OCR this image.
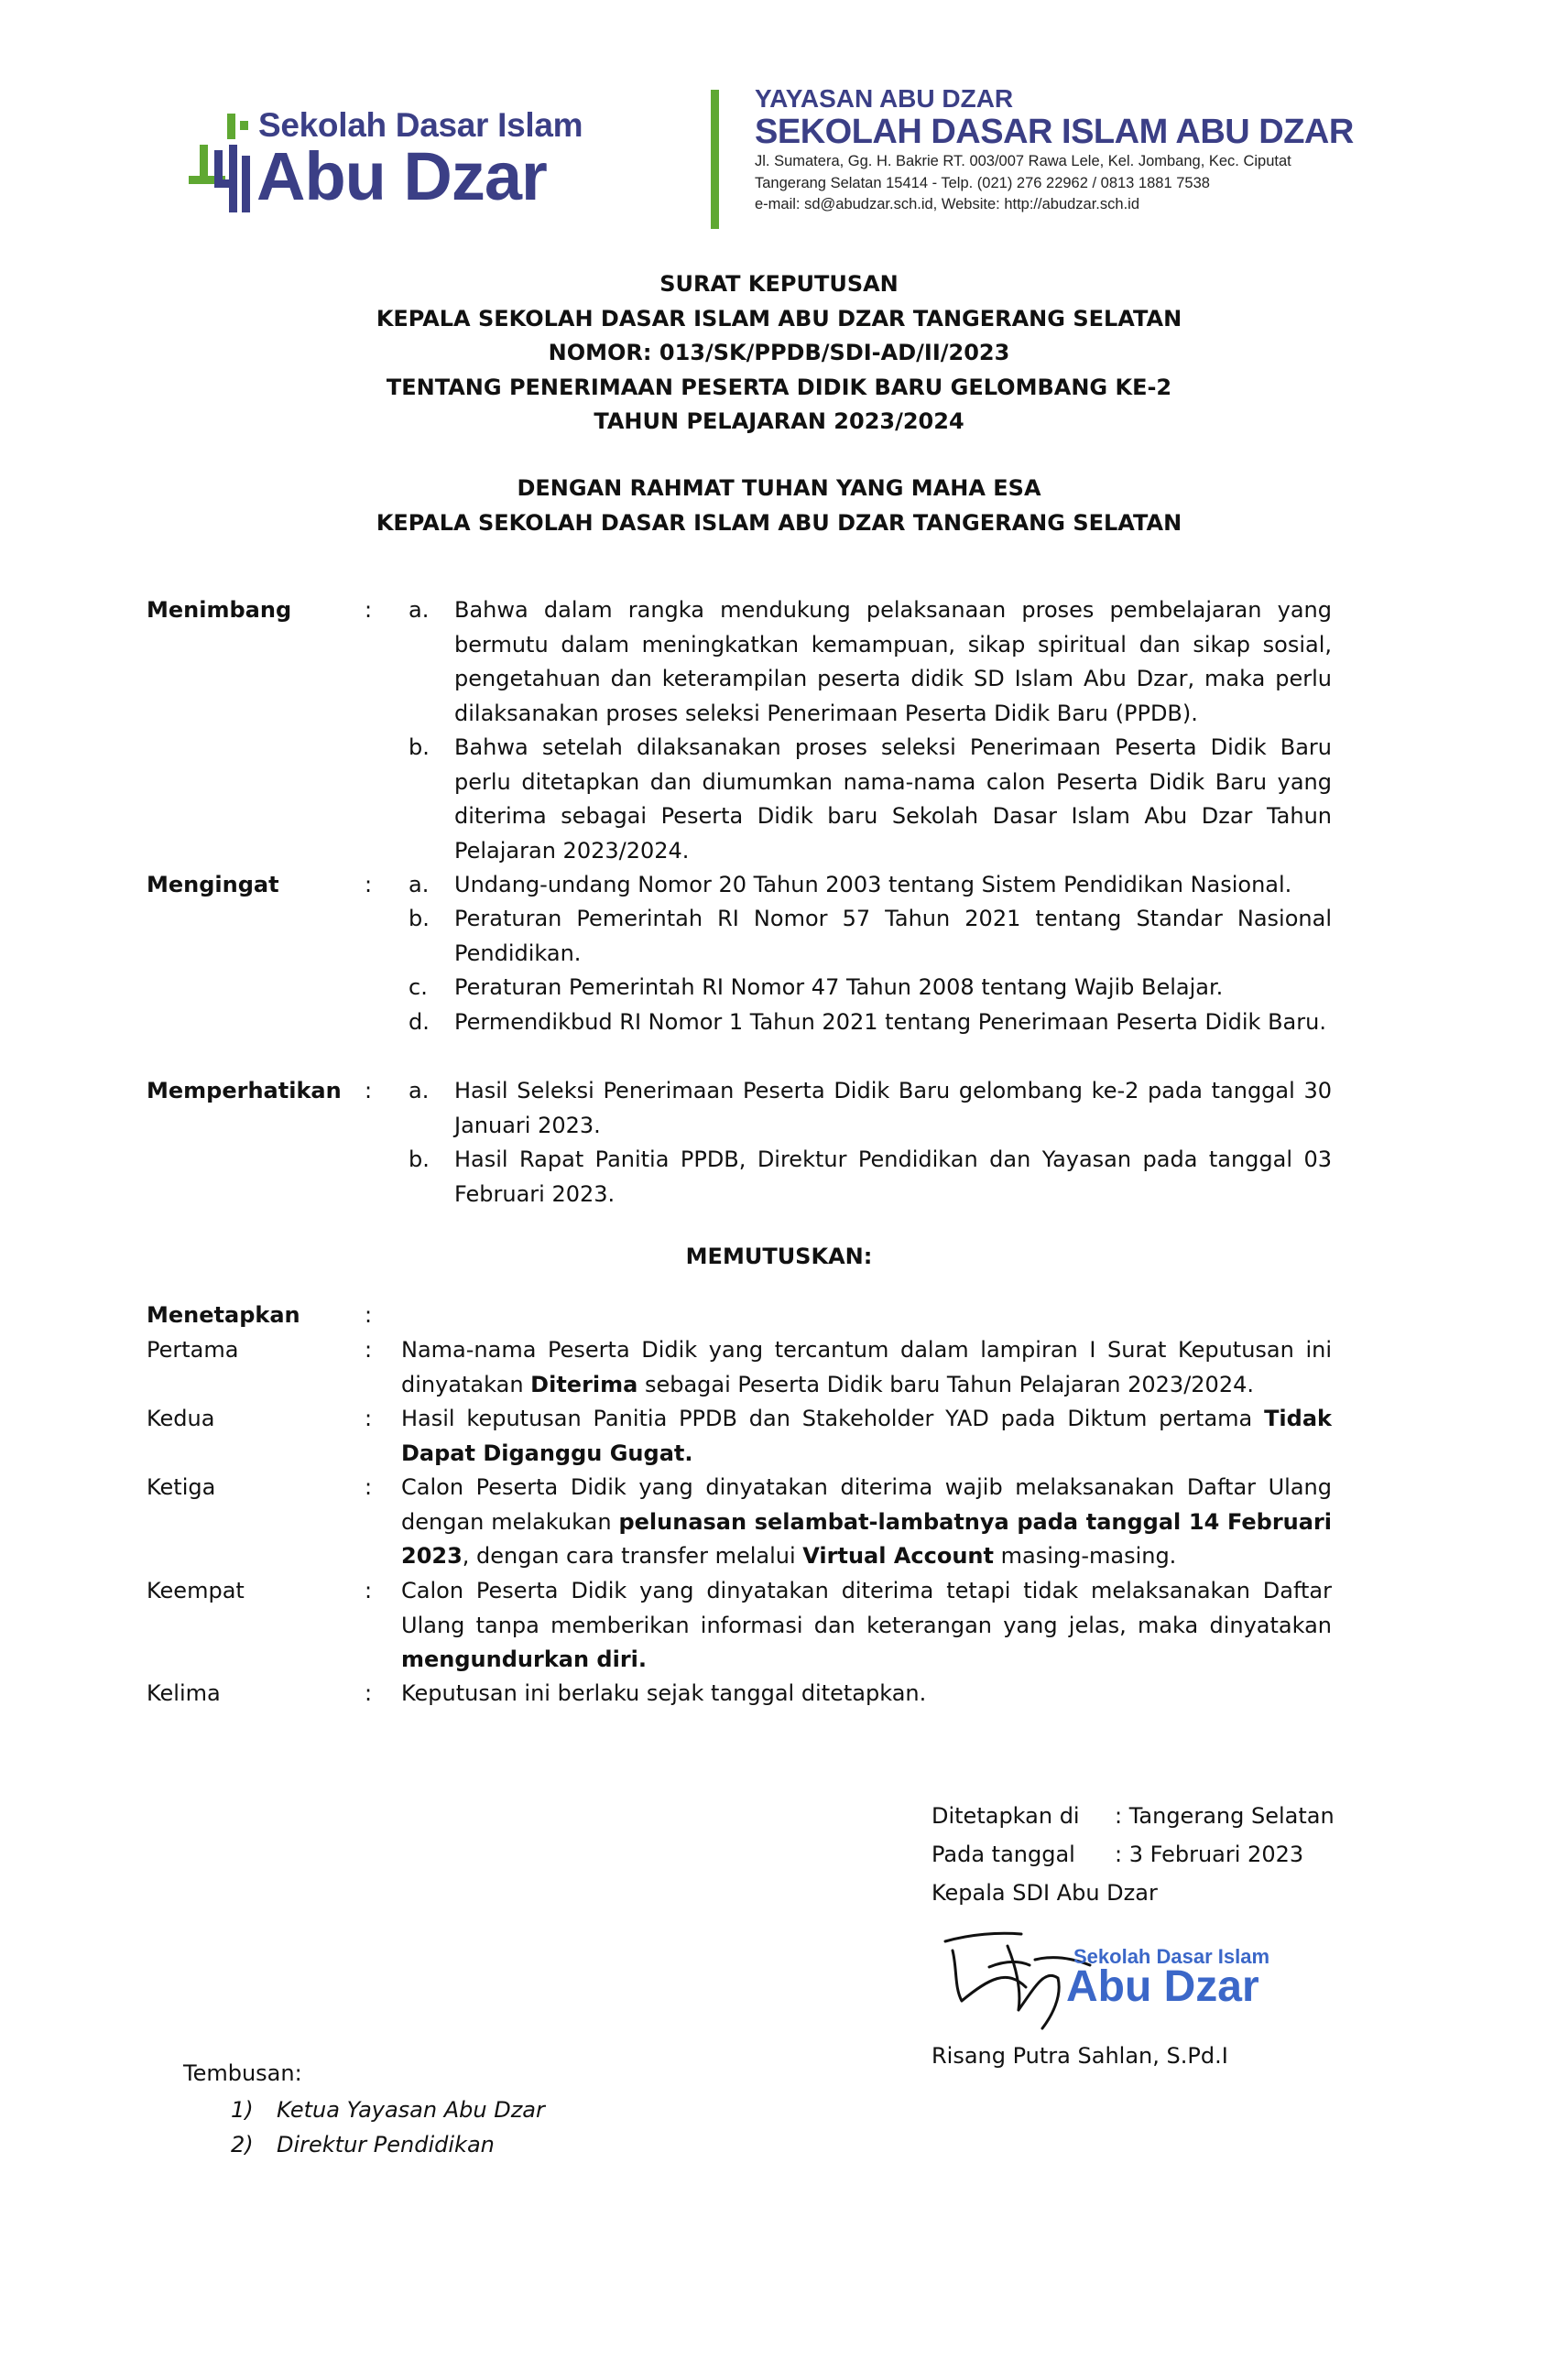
Sekolah Dasar Islam
Abu Dzar
YAYASAN ABU DZAR
SEKOLAH DASAR ISLAM ABU DZAR
Jl. Sumatera, Gg. H. Bakrie RT. 003/007 Rawa Lele, Kel. Jombang, Kec. Ciputat
Tangerang Selatan 15414 - Telp. (021) 276 22962 / 0813 1881 7538
e-mail: sd@abudzar.sch.id, Website: http://abudzar.sch.id
SURAT KEPUTUSAN
KEPALA SEKOLAH DASAR ISLAM ABU DZAR TANGERANG SELATAN
NOMOR: 013/SK/PPDB/SDI-AD/II/2023
TENTANG PENERIMAAN PESERTA DIDIK BARU GELOMBANG KE-2
TAHUN PELAJARAN 2023/2024
DENGAN RAHMAT TUHAN YANG MAHA ESA
KEPALA SEKOLAH DASAR ISLAM ABU DZAR TANGERANG SELATAN
Menimbang	: a. Bahwa dalam rangka mendukung pelaksanaan proses pembelajaran yang bermutu dalam meningkatkan kemampuan, sikap spiritual dan sikap sosial, pengetahuan dan keterampilan peserta didik SD Islam Abu Dzar, maka perlu dilaksanakan proses seleksi Penerimaan Peserta Didik Baru (PPDB).
b. Bahwa setelah dilaksanakan proses seleksi Penerimaan Peserta Didik Baru perlu ditetapkan dan diumumkan nama-nama calon Peserta Didik Baru yang diterima sebagai Peserta Didik baru Sekolah Dasar Islam Abu Dzar Tahun Pelajaran 2023/2024.
Mengingat	: a. Undang-undang Nomor 20 Tahun 2003 tentang Sistem Pendidikan Nasional.
b. Peraturan Pemerintah RI Nomor 57 Tahun 2021 tentang Standar Nasional Pendidikan.
c. Peraturan Pemerintah RI Nomor 47 Tahun 2008 tentang Wajib Belajar.
d. Permendikbud RI Nomor 1 Tahun 2021 tentang Penerimaan Peserta Didik Baru.
Memperhatikan : a. Hasil Seleksi Penerimaan Peserta Didik Baru gelombang ke-2 pada tanggal 30 Januari 2023.
b. Hasil Rapat Panitia PPDB, Direktur Pendidikan dan Yayasan pada tanggal 03 Februari 2023.
MEMUTUSKAN:
Menetapkan	:
Pertama	: Nama-nama Peserta Didik yang tercantum dalam lampiran I Surat Keputusan ini dinyatakan Diterima sebagai Peserta Didik baru Tahun Pelajaran 2023/2024.
Kedua	: Hasil keputusan Panitia PPDB dan Stakeholder YAD pada Diktum pertama Tidak Dapat Diganggu Gugat.
Ketiga	: Calon Peserta Didik yang dinyatakan diterima wajib melaksanakan Daftar Ulang dengan melakukan pelunasan selambat-lambatnya pada tanggal 14 Februari 2023, dengan cara transfer melalui Virtual Account masing-masing.
Keempat	: Calon Peserta Didik yang dinyatakan diterima tetapi tidak melaksanakan Daftar Ulang tanpa memberikan informasi dan keterangan yang jelas, maka dinyatakan mengundurkan diri.
Kelima	: Keputusan ini berlaku sejak tanggal ditetapkan.
Ditetapkan di	: Tangerang Selatan
Pada tanggal	: 3 Februari 2023
Kepala SDI Abu Dzar
Sekolah Dasar Islam
Abu Dzar
Risang Putra Sahlan, S.Pd.I
Tembusan:
1) Ketua Yayasan Abu Dzar
2) Direktur Pendidikan
